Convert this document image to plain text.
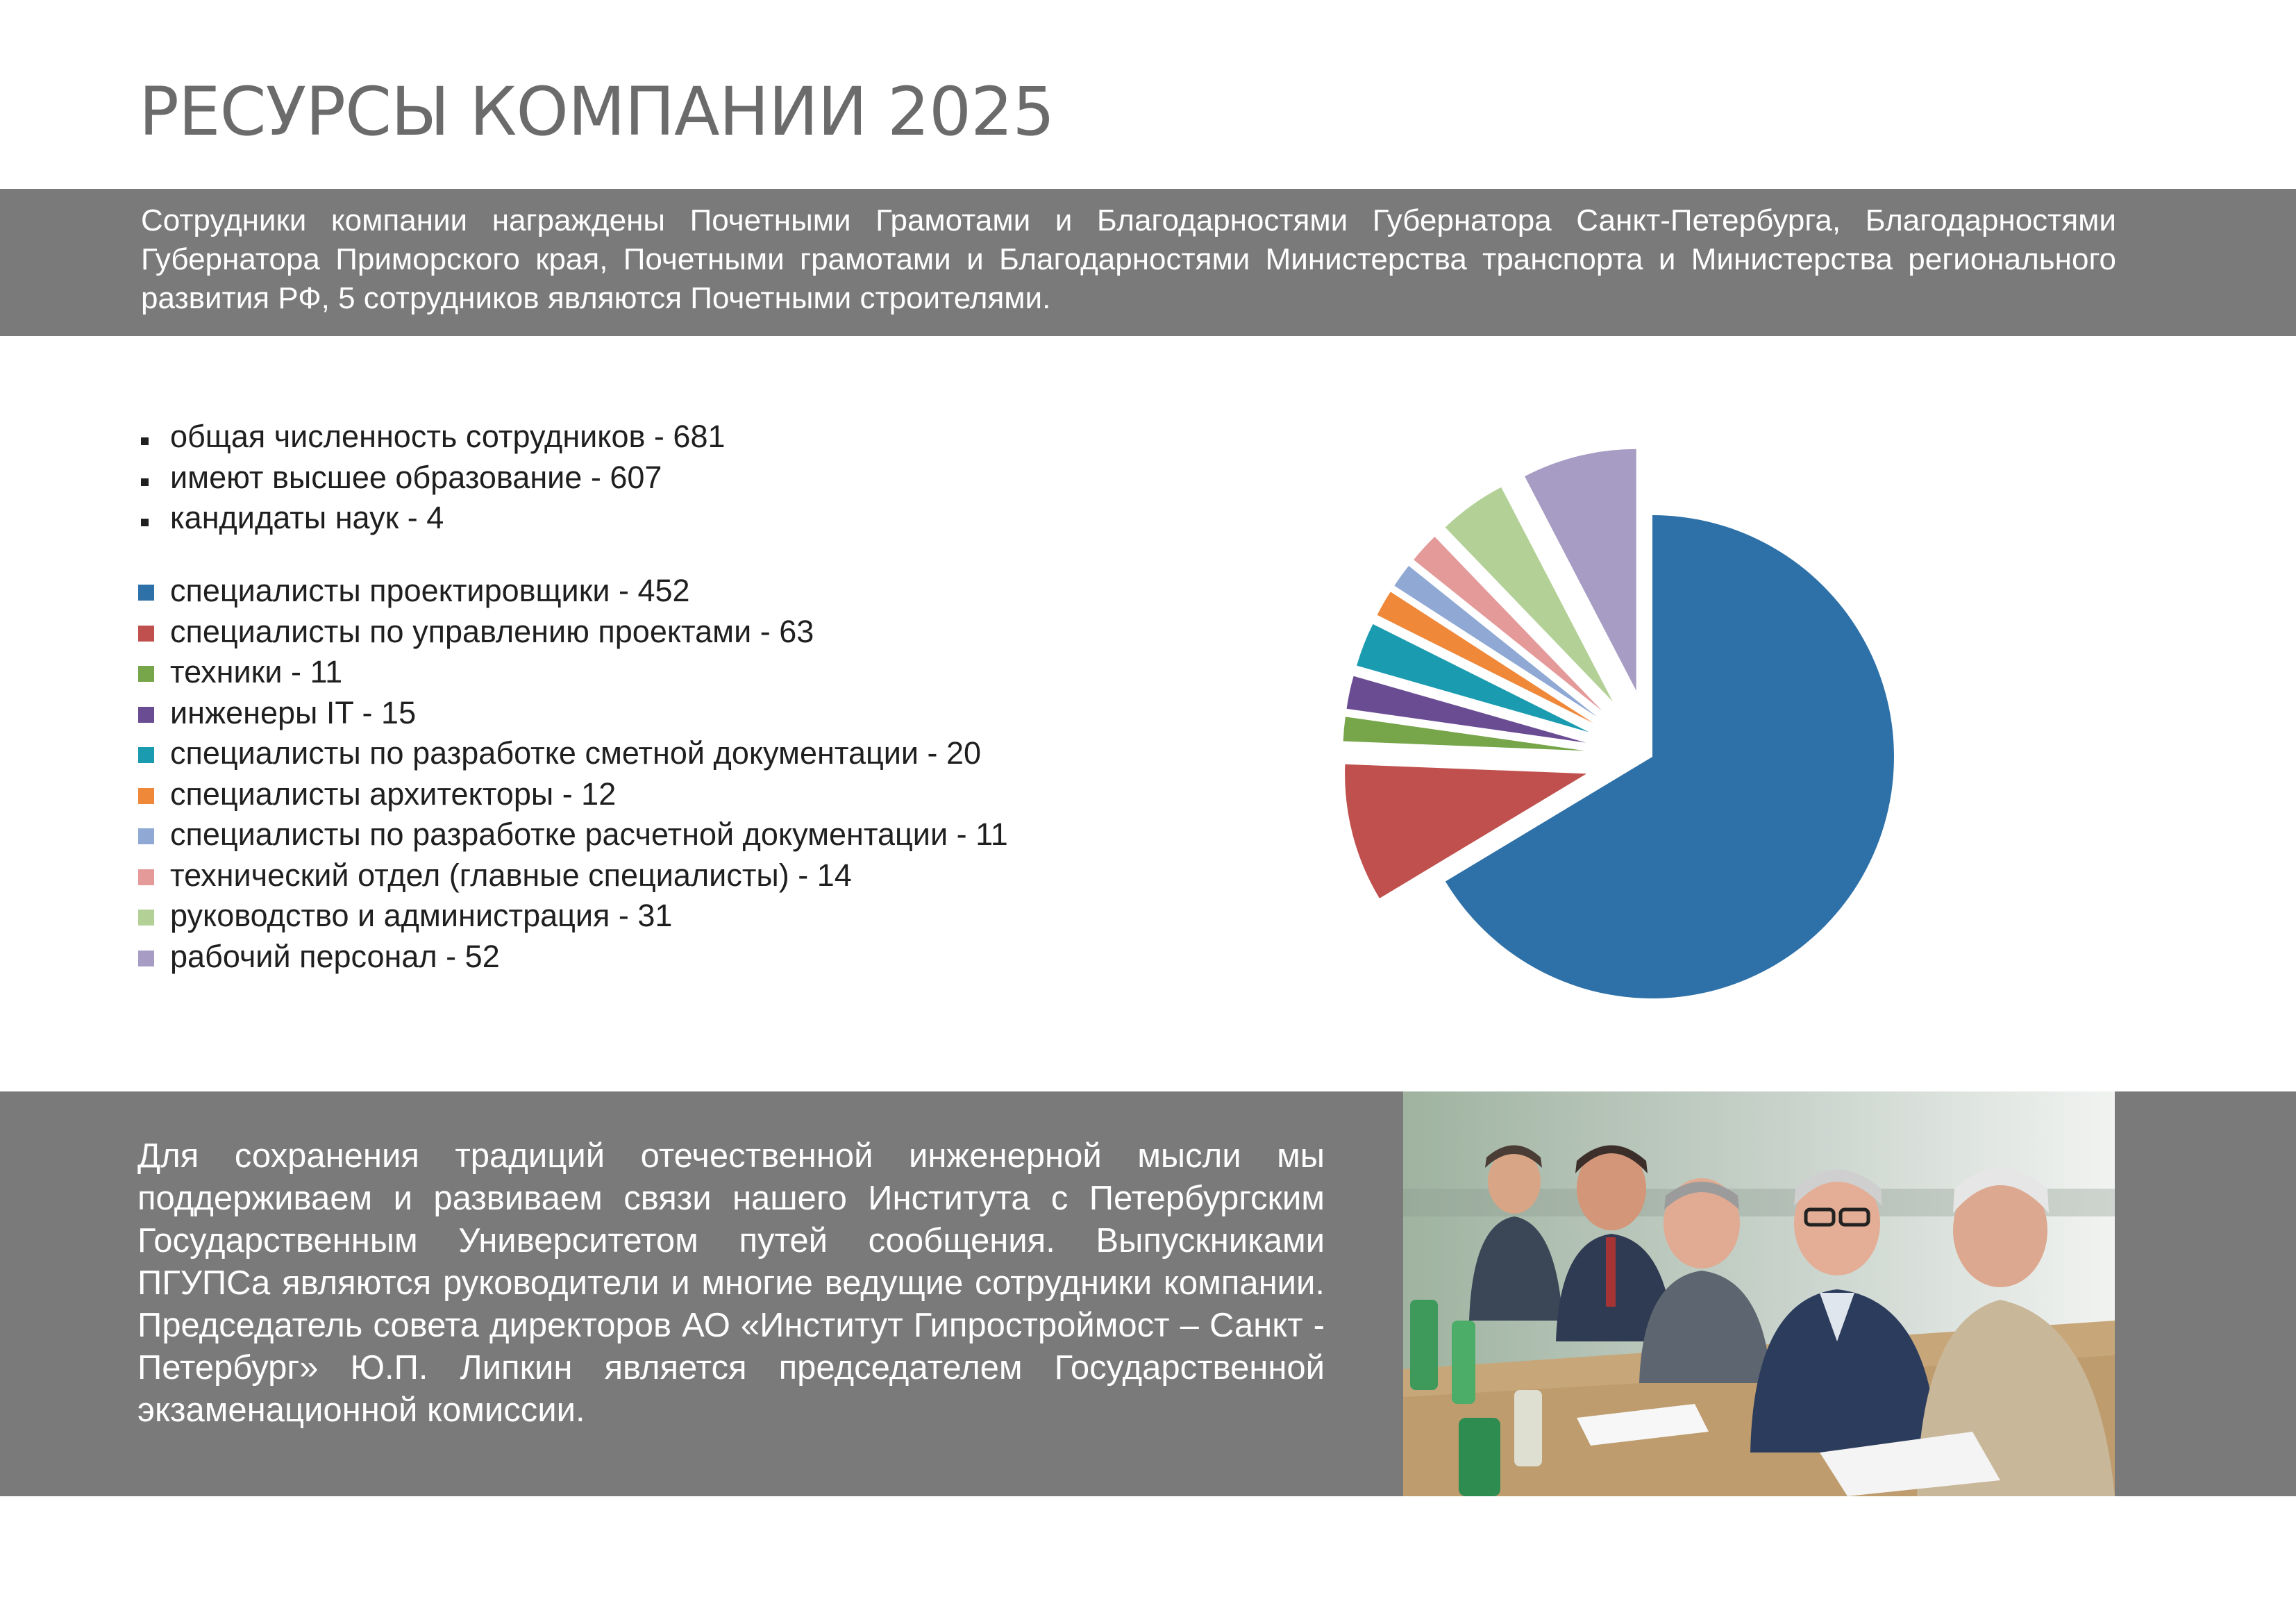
РЕСУРСЫ КОМПАНИИ 2025
Сотрудники компании награждены Почетными Грамотами и Благодарностями Губернатора Санкт-Петербурга, Благодарностями Губернатора Приморского края, Почетными грамотами и Благодарностями Министерства транспорта и Министерства регионального развития РФ, 5 сотрудников являются Почетными строителями.
общая численность сотрудников - 681
имеют высшее образование - 607
кандидаты наук - 4
специалисты проектировщики - 452
специалисты по управлению проектами - 63
техники - 11
инженеры IT - 15
специалисты по разработке сметной документации - 20
специалисты архитекторы - 12
специалисты по разработке расчетной документации - 11
технический отдел (главные специалисты) - 14
руководство и администрация - 31
рабочий персонал - 52
Для сохранения традиций отечественной инженерной мысли мы поддерживаем и развиваем связи нашего Института с Петербургским Государственным Университетом путей сообщения. Выпускниками ПГУПСа являются руководители и многие ведущие сотрудники компании. Председатель совета директоров АО «Институт Гипростроймост – Санкт - Петербург» Ю.П. Липкин является председателем Государственной экзаменационной комиссии.
